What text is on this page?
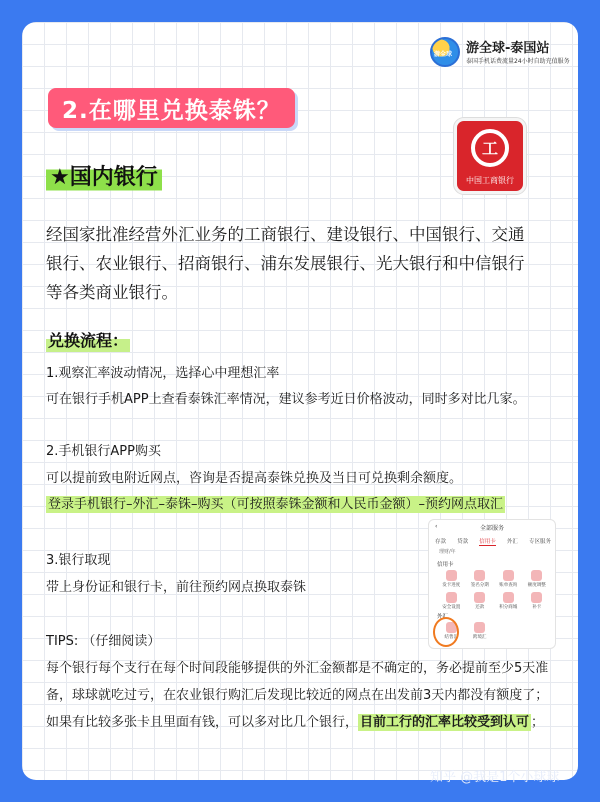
游全球 游全球-泰国站
泰国手机话费流量24小时自助充值服务
2.在哪里兑换泰铢？
工
中国工商银行
★国内银行
经国家批准经营外汇业务的工商银行、建设银行、中国银行、交通
银行、农业银行、招商银行、浦东发展银行、光大银行和中信银行
等各类商业银行。
兑换流程：
1.观察汇率波动情况，选择心中理想汇率
可在银行手机APP上查看泰铢汇率情况，建议参考近日价格波动，同时多对比几家。
2.手机银行APP购买
可以提前致电附近网点，咨询是否提高泰铢兑换及当日可兑换剩余额度。
登录手机银行–外汇–泰铢–购买（可按照泰铢金额和人民币金额）–预约网点取汇
3.银行取现
带上身份证和银行卡，前往预约网点换取泰铢
‹	全部服务
存款 贷款 信用卡 外汇 专区服务
理财/年
信用卡
发卡进度 签名分期 账单查询 额度调整
安全设置	还款	积分商城	补卡
外汇
结售汇	跨境汇
TIPS: （仔细阅读）
每个银行每个支行在每个时间段能够提供的外汇金额都是不确定的，务必提前至少5天准
备，球球就吃过亏，在农业银行购汇后发现比较近的网点在出发前3天内都没有额度了；
如果有比较多张卡且里面有钱，可以多对比几个银行， 目前工行的汇率比较受到认可 ；
知乎 @我是1个小球球
